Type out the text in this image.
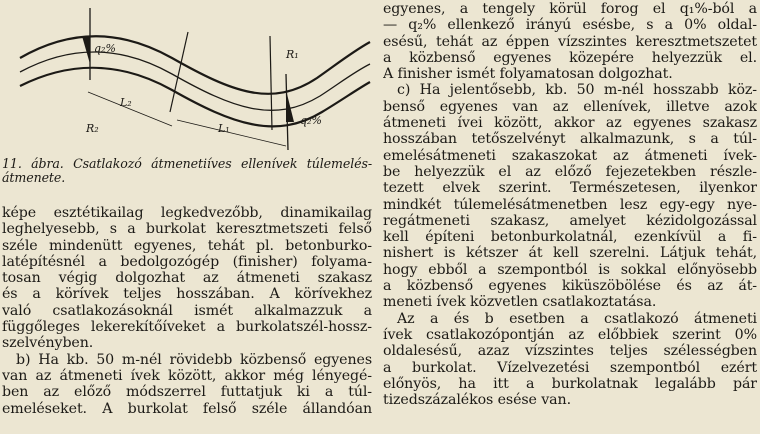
q₂%
L₂
L₁
R₁
R₂
q₂%
11. ábra. Csatlakozó átmenetiíves ellenívek túlemelés-
átmenete.
képe esztétikailag legkedvezőbb, dinamikailag
leghelyesebb, s a burkolat keresztmetszeti felső
széle mindenütt egyenes, tehát pl. betonburko-
latépítésnél a bedolgozógép (finisher) folyama-
tosan végig dolgozhat az átmeneti szakasz
és a körívek teljes hosszában. A körívekhez
való csatlakozásoknál ismét alkalmazzuk a
függőleges lekerekítőíveket a burkolatszél-hossz-
szelvényben.
b) Ha kb. 50 m-nél rövidebb közbenső egyenes
van az átmeneti ívek között, akkor még lényegé-
ben az előző módszerrel futtatjuk ki a túl-
emeléseket. A burkolat felső széle állandóan
egyenes, a tengely körül forog el q₁%-ból a
— q₂% ellenkező irányú esésbe, s a 0% oldal-
esésű, tehát az éppen vízszintes keresztmetszetet
a közbenső egyenes közepére helyezzük el.
A finisher ismét folyamatosan dolgozhat.
c) Ha jelentősebb, kb. 50 m-nél hosszabb köz-
benső egyenes van az ellenívek, illetve azok
átmeneti ívei között, akkor az egyenes szakasz
hosszában tetőszelvényt alkalmazunk, s a túl-
emelésátmeneti szakaszokat az átmeneti ívek-
be helyezzük el az előző fejezetekben részle-
tezett elvek szerint. Természetesen, ilyenkor
mindkét túlemelésátmenetben lesz egy-egy nye-
regátmeneti szakasz, amelyet kézidolgozással
kell építeni betonburkolatnál, ezenkívül a fi-
nishert is kétszer át kell szerelni. Látjuk tehát,
hogy ebből a szempontból is sokkal előnyösebb
a közbenső egyenes kiküszöbölése és az át-
meneti ívek közvetlen csatlakoztatása.
Az a és b esetben a csatlakozó átmeneti
ívek csatlakozópontján az előbbiek szerint 0%
oldalesésű, azaz vízszintes teljes szélességben
a burkolat. Vízelvezetési szempontból ezért
előnyös, ha itt a burkolatnak legalább pár
tizedszázalékos esése van.
